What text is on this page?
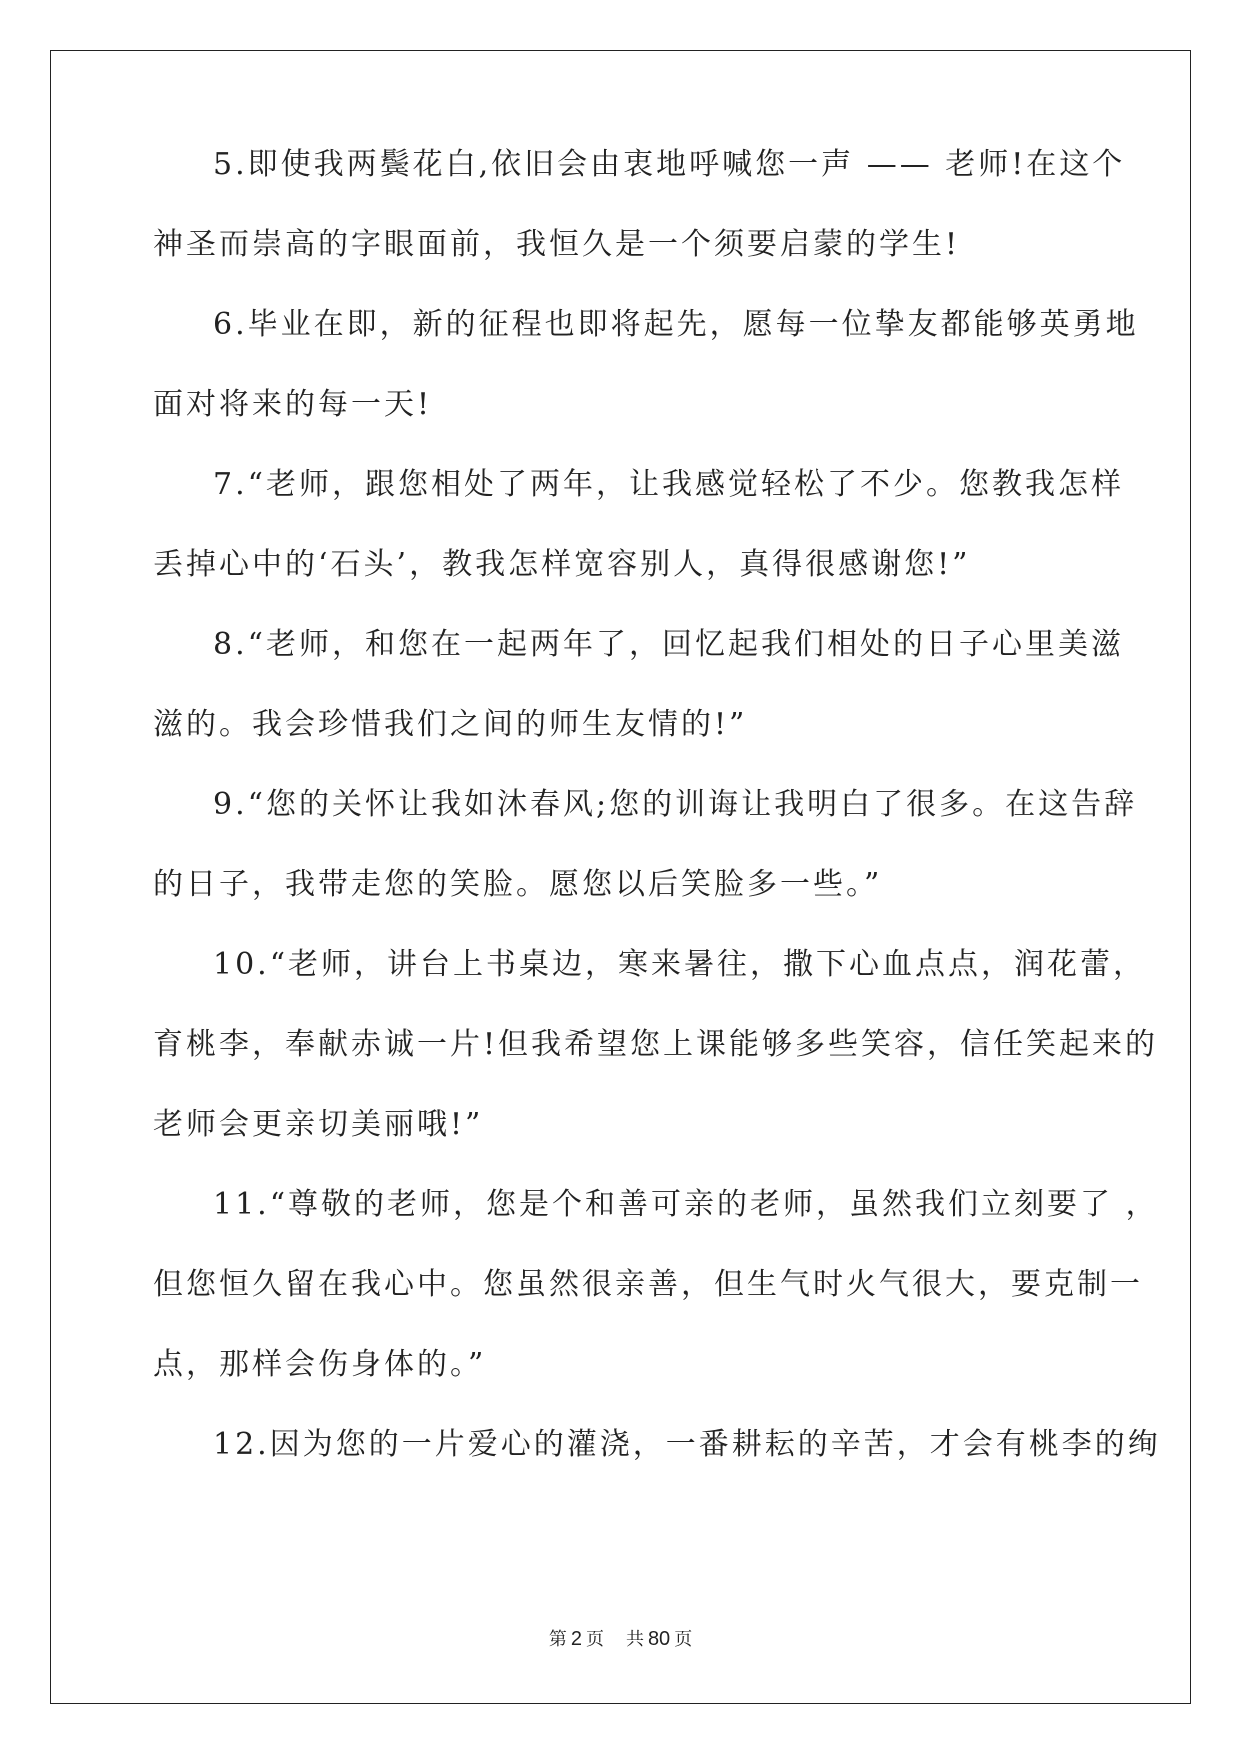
5.即使我两鬓花白,依旧会由衷地呼喊您一声 —— 老师!在这个
神圣而崇高的字眼面前，我恒久是一个须要启蒙的学生!
6.毕业在即，新的征程也即将起先，愿每一位挚友都能够英勇地
面对将来的每一天!
7.“老师，跟您相处了两年，让我感觉轻松了不少。您教我怎样
丢掉心中的‘石头’，教我怎样宽容别人，真得很感谢您!”
8.“老师，和您在一起两年了，回忆起我们相处的日子心里美滋
滋的。我会珍惜我们之间的师生友情的!”
9.“您的关怀让我如沐春风;您的训诲让我明白了很多。在这告辞
的日子，我带走您的笑脸。愿您以后笑脸多一些。”
10.“老师，讲台上书桌边，寒来暑往，撒下心血点点，润花蕾，
育桃李，奉献赤诚一片!但我希望您上课能够多些笑容，信任笑起来的
老师会更亲切美丽哦!”
11.“尊敬的老师，您是个和善可亲的老师，虽然我们立刻要了 ，
但您恒久留在我心中。您虽然很亲善，但生气时火气很大，要克制一
点，那样会伤身体的。”
12.因为您的一片爱心的灌浇，一番耕耘的辛苦，才会有桃李的绚
第 2 页 共 80 页
